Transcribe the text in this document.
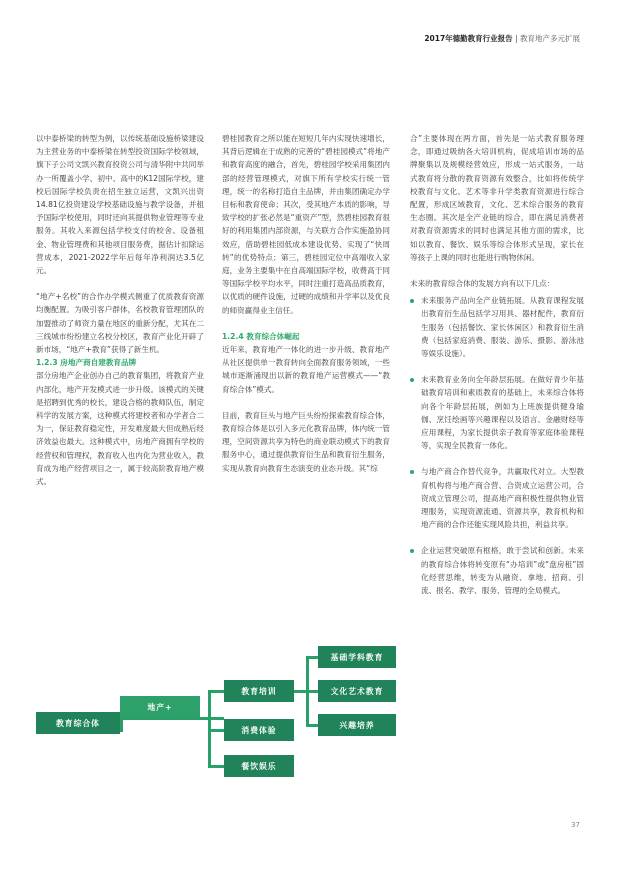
2017年德勤教育行业报告 | 教育地产多元扩展

以中泰桥梁的转型为例，以传统基础设施桥梁建设为主营业务的中泰桥梁在转型投资国际学校领域，旗下子公司文凯兴教育投资公司与清华附中共同举办一所覆盖小学、初中、高中的K12国际学校，建校后国际学校负责在招生独立运营，文凯兴出资14.81亿投资建设学校基础设施与教学设备，并租予国际学校使用，同时还向其提供物业管理等专业服务。其收入来源包括学校支付的校舍、设备租金、物业管理费和其他项目服务费，据估计扣除运营成本，2021-2022学年后每年净利润达3.5亿元。

“地产+名校”的合作办学模式侧重了优质教育资源均衡配置。为吸引客户群体，名校教育管理团队的加盟推动了师资力量在地区的重新分配，尤其在二三线城市纷纷建立名校分校区，教育产业化开辟了新市场，“地产+教育”获得了新生机。

1.2.3 房地产商自建教育品牌

部分房地产企业创办自己的教育集团，将教育产业内部化，地产开发模式进一步升级。该模式的关键是招聘到优秀的校长，建设合格的教师队伍，制定科学的发展方案，这种模式将建校者和办学者合二为一，保证教育稳定性，开发难度最大但成熟后经济效益也最大。这种模式中，房地产商拥有学校的经营权和管理权，教育收入也内化为营业收入，教育成为地产经营项目之一，属于较高阶教育地产模式。

碧桂园教育之所以能在短短几年内实现快速增长，其背后逻辑在于成熟的完善的“碧桂园模式”将地产和教育高度的融合，首先，碧桂园学校采用集团内部的经营管理模式，对旗下所有学校实行统一管理，统一的名称打造自主品牌，并由集团确定办学目标和教育使命；其次，受其地产本质的影响，导致学校的扩张必然是“重资产”型，然碧桂园教育很好的利用集团内部资源，与关联方合作实施盈协同效应，借助碧桂园低成本建设优势、实现了“快周转”的优势特点；第三，碧桂园定位中高端收入家庭，业务主要集中在自高端国际学校，收费高于同等国际学校平均水平，同时注重打造高品质教育，以优质的硬件设施，过硬的成绩和升学率以及优良的师资赢得业主信任。

1.2.4 教育综合体崛起

近年来，教育地产一体化的进一步升级、教育地产从社区提供单一教育转向全面教育服务领域，一些城市逐渐涌现出以新的教育地产运营模式——“教育综合体”模式。

目前，教育巨头与地产巨头纷纷探索教育综合体，教育综合体是以引入多元化教育品牌，体内统一管理，空间资源共享为特色的商业联动模式下的教育服务中心，通过提供教育衍生品和教育衍生服务，实现从教育向教育生态演变的业态升级。其“综

合”主要体现在两方面，首先是一站式教育服务理念，即通过吸纳各大培训机构，促成培训市场的品牌聚集以及规模经营效应，形成一站式服务，一站式教育将分散的教育资源有效整合，比如将传统学校教育与文化、艺术等非升学类教育资源进行综合配置，形成区域教育，文化、艺术综合服务的教育生态圈。其次是全产业链的综合，即在满足消费者对教育资源需求的同时也满足其他方面的需求，比如以教育、餐饮、娱乐等综合体形式呈现，家长在等孩子上课的同时也能进行购物休闲。

未来的教育综合体的发展方向有以下几点：

未来服务产品向全产业链拓展。从教育课程发展出教育衍生品包括学习用具、器材配件，教育衍生服务（包括餐饮、家长休闲区）和教育衍生消费（包括家庭消费、服装、游乐、摄影、游泳池等娱乐设施）。
未来教育业务向全年龄层拓展。在做好青少年基础教育培训和素质教育的基础上，未来综合体将向各个年龄层拓展，例如为上班族提供健身瑜伽、烹饪绘画等兴趣课程以及语言、金融财经等应用课程，为家长提供亲子教育等家庭体验课程等，实现全民教育一体化。
与地产商合作替代竞争，共赢取代对立。大型教育机构将与地产商合营、合资成立运营公司，合资成立管理公司，提高地产商积极性提供物业管理服务，实现资源流通、资源共享，教育机构和地产商的合作还能实现风险共担，利益共享。
企业运营突破原有框格，敢于尝试和创新。未来的教育综合体将转变原有“办培训”或“盘房租”固化经营思维，转变为从融资、拿地、招商、引流、报名、教学、服务、管理的全局模式。
教育综合体
地产+
教育培训
消费体验
餐饮娱乐
基础学科教育
文化艺术教育
兴趣培养
37
